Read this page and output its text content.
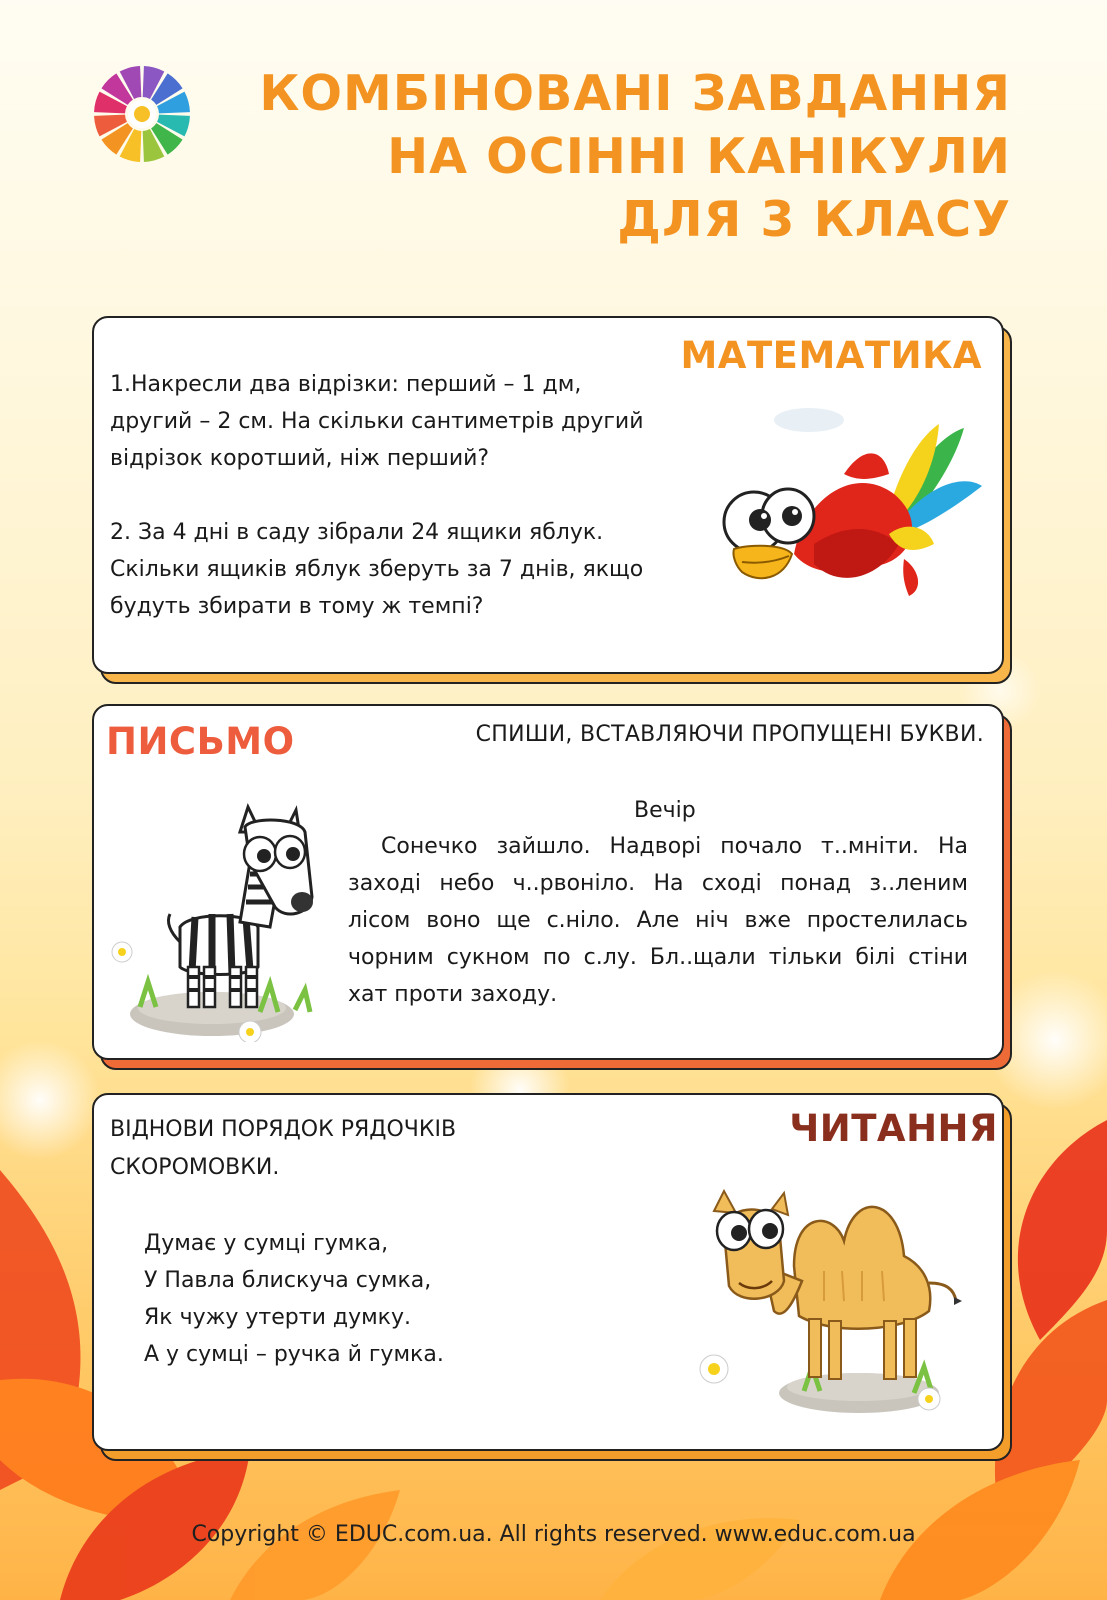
КОМБІНОВАНІ ЗАВДАННЯ
НА ОСІННІ КАНІКУЛИ
ДЛЯ 3 КЛАСУ
МАТЕМАТИКА
1.Накресли два відрізки: перший – 1 дм,
другий – 2 см. На скільки сантиметрів другий
відрізок коротший, ніж перший?
2. За 4 дні в саду зібрали 24 ящики яблук.
Скільки ящиків яблук зберуть за 7 днів, якщо
будуть збирати в тому ж темпі?
ПИСЬМО	СПИШИ, ВСТАВЛЯЮЧИ ПРОПУЩЕНІ БУКВИ.
Вечір

  Сонечко зайшло. Надворі почало т..мніти. На заході небо ч..рвоніло. На сході понад з..леним лісом воно ще с.ніло. Але ніч вже простелилась чорним сукном по с.лу. Бл..щали тільки білі стіни хат проти заходу.

ЧИТАННЯ
ВІДНОВИ ПОРЯДОК РЯДОЧКІВ
СКОРОМОВКИ.
Думає у сумці гумка,
У Павла блискуча сумка,
Як чужу утерти думку.
А у сумці – ручка й гумка.
Copyright © EDUC.com.ua. All rights reserved. www.educ.com.ua
